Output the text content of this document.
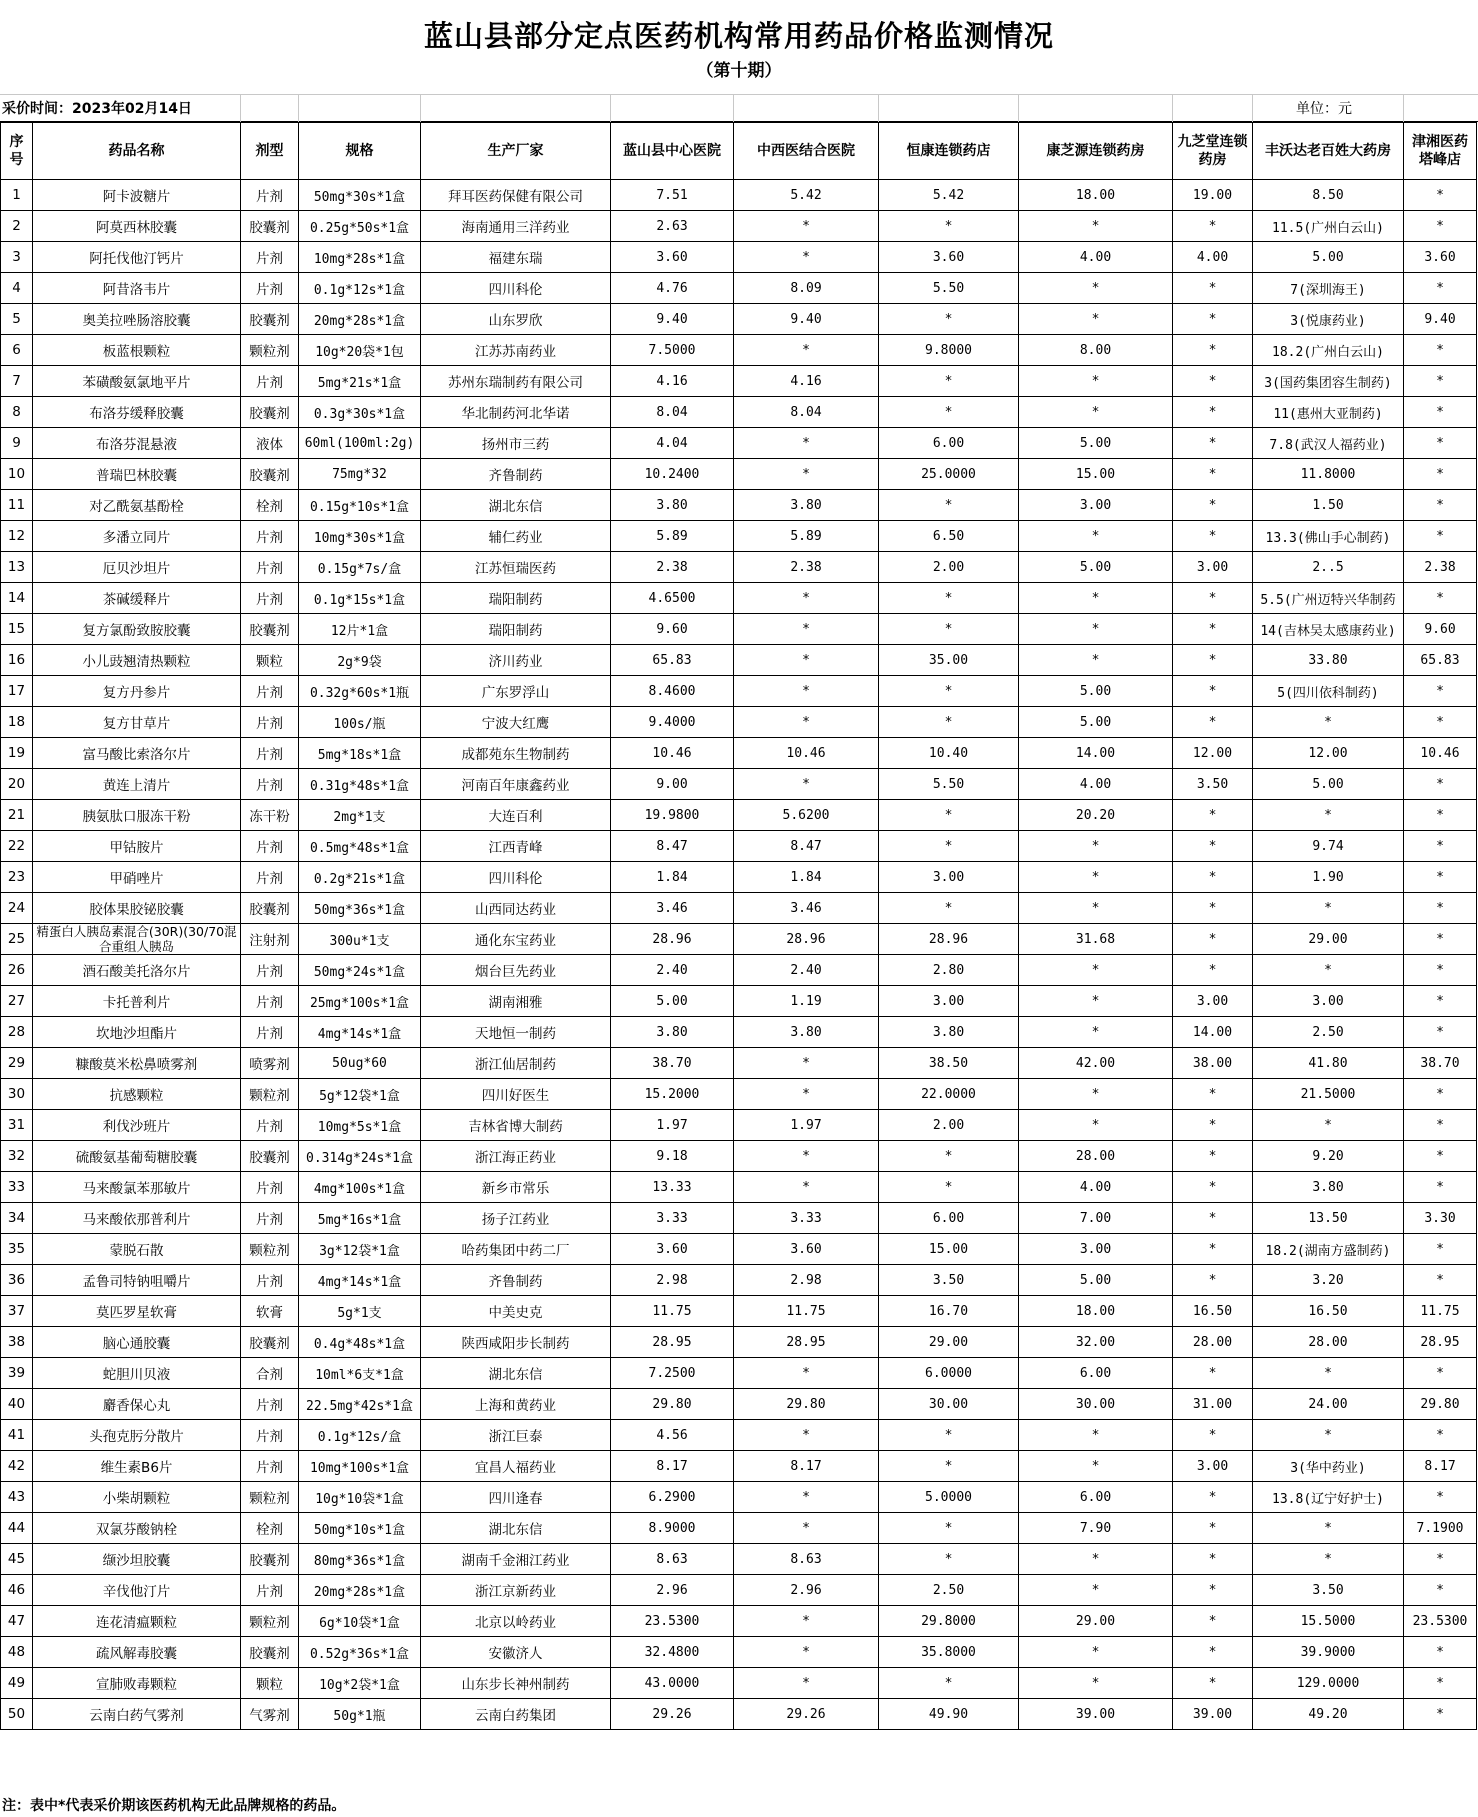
蓝山县部分定点医药机构常用药品价格监测情况
（第十期）
采价时间：2023年02月14日	单位：元
序号	药品名称	剂型	规格	生产厂家	蓝山县中心医院	中西医结合医院	恒康连锁药店	康芝源连锁药房	九芝堂连锁药房	丰沃达老百姓大药房	津湘医药塔峰店
1	阿卡波糖片	片剂	50mg*30s*1盒	拜耳医药保健有限公司	7.51	5.42	5.42	18.00	19.00	8.50	*
2	阿莫西林胶囊	胶囊剂	0.25g*50s*1盒	海南通用三洋药业	2.63	*	*	*	*	11.5(广州白云山)	*
3	阿托伐他汀钙片	片剂	10mg*28s*1盒	福建东瑞	3.60	*	3.60	4.00	4.00	5.00	3.60
4	阿昔洛韦片	片剂	0.1g*12s*1盒	四川科伦	4.76	8.09	5.50	*	*	7(深圳海王)	*
5	奥美拉唑肠溶胶囊	胶囊剂	20mg*28s*1盒	山东罗欣	9.40	9.40	*	*	*	3(悦康药业)	9.40
6	板蓝根颗粒	颗粒剂	10g*20袋*1包	江苏苏南药业	7.5000	*	9.8000	8.00	*	18.2(广州白云山)	*
7	苯磺酸氨氯地平片	片剂	5mg*21s*1盒	苏州东瑞制药有限公司	4.16	4.16	*	*	*	3(国药集团容生制药)	*
8	布洛芬缓释胶囊	胶囊剂	0.3g*30s*1盒	华北制药河北华诺	8.04	8.04	*	*	*	11(惠州大亚制药)	*
9	布洛芬混悬液	液体	60ml(100ml:2g)	扬州市三药	4.04	*	6.00	5.00	*	7.8(武汉人福药业)	*
10	普瑞巴林胶囊	胶囊剂	75mg*32	齐鲁制药	10.2400	*	25.0000	15.00	*	11.8000	*
11	对乙酰氨基酚栓	栓剂	0.15g*10s*1盒	湖北东信	3.80	3.80	*	3.00	*	1.50	*
12	多潘立同片	片剂	10mg*30s*1盒	辅仁药业	5.89	5.89	6.50	*	*	13.3(佛山手心制药)	*
13	厄贝沙坦片	片剂	0.15g*7s/盒	江苏恒瑞医药	2.38	2.38	2.00	5.00	3.00	2..5	2.38
14	茶碱缓释片	片剂	0.1g*15s*1盒	瑞阳制药	4.6500	*	*	*	*	5.5(广州迈特兴华制药	*
15	复方氯酚致胺胶囊	胶囊剂	12片*1盒	瑞阳制药	9.60	*	*	*	*	14(吉林吴太感康药业)	9.60
16	小儿豉翘清热颗粒	颗粒	2g*9袋	济川药业	65.83	*	35.00	*	*	33.80	65.83
17	复方丹参片	片剂	0.32g*60s*1瓶	广东罗浮山	8.4600	*	*	5.00	*	5(四川依科制药)	*
18	复方甘草片	片剂	100s/瓶	宁波大红鹰	9.4000	*	*	5.00	*	*	*
19	富马酸比索洛尔片	片剂	5mg*18s*1盒	成都苑东生物制药	10.46	10.46	10.40	14.00	12.00	12.00	10.46
20	黄连上清片	片剂	0.31g*48s*1盒	河南百年康鑫药业	9.00	*	5.50	4.00	3.50	5.00	*
21	胰氨肽口服冻干粉	冻干粉	2mg*1支	大连百利	19.9800	5.6200	*	20.20	*	*	*
22	甲钴胺片	片剂	0.5mg*48s*1盒	江西青峰	8.47	8.47	*	*	*	9.74	*
23	甲硝唑片	片剂	0.2g*21s*1盒	四川科伦	1.84	1.84	3.00	*	*	1.90	*
24	胶体果胶铋胶囊	胶囊剂	50mg*36s*1盒	山西同达药业	3.46	3.46	*	*	*	*	*
25	精蛋白人胰岛素混合(30R)(30/70混合重组人胰岛	注射剂	300u*1支	通化东宝药业	28.96	28.96	28.96	31.68	*	29.00	*
26	酒石酸美托洛尔片	片剂	50mg*24s*1盒	烟台巨先药业	2.40	2.40	2.80	*	*	*	*
27	卡托普利片	片剂	25mg*100s*1盒	湖南湘雅	5.00	1.19	3.00	*	3.00	3.00	*
28	坎地沙坦酯片	片剂	4mg*14s*1盒	天地恒一制药	3.80	3.80	3.80	*	14.00	2.50	*
29	糠酸莫米松鼻喷雾剂	喷雾剂	50ug*60	浙江仙居制药	38.70	*	38.50	42.00	38.00	41.80	38.70
30	抗感颗粒	颗粒剂	5g*12袋*1盒	四川好医生	15.2000	*	22.0000	*	*	21.5000	*
31	利伐沙班片	片剂	10mg*5s*1盒	吉林省博大制药	1.97	1.97	2.00	*	*	*	*
32	硫酸氨基葡萄糖胶囊	胶囊剂	0.314g*24s*1盒	浙江海正药业	9.18	*	*	28.00	*	9.20	*
33	马来酸氯苯那敏片	片剂	4mg*100s*1盒	新乡市常乐	13.33	*	*	4.00	*	3.80	*
34	马来酸依那普利片	片剂	5mg*16s*1盒	扬子江药业	3.33	3.33	6.00	7.00	*	13.50	3.30
35	蒙脱石散	颗粒剂	3g*12袋*1盒	哈药集团中药二厂	3.60	3.60	15.00	3.00	*	18.2(湖南方盛制药)	*
36	孟鲁司特钠咀嚼片	片剂	4mg*14s*1盒	齐鲁制药	2.98	2.98	3.50	5.00	*	3.20	*
37	莫匹罗星软膏	软膏	5g*1支	中美史克	11.75	11.75	16.70	18.00	16.50	16.50	11.75
38	脑心通胶囊	胶囊剂	0.4g*48s*1盒	陕西咸阳步长制药	28.95	28.95	29.00	32.00	28.00	28.00	28.95
39	蛇胆川贝液	合剂	10ml*6支*1盒	湖北东信	7.2500	*	6.0000	6.00	*	*	*
40	麝香保心丸	片剂	22.5mg*42s*1盒	上海和黄药业	29.80	29.80	30.00	30.00	31.00	24.00	29.80
41	头孢克肟分散片	片剂	0.1g*12s/盒	浙江巨泰	4.56	*	*	*	*	*	*
42	维生素B6片	片剂	10mg*100s*1盒	宜昌人福药业	8.17	8.17	*	*	3.00	3(华中药业)	8.17
43	小柴胡颗粒	颗粒剂	10g*10袋*1盒	四川逢春	6.2900	*	5.0000	6.00	*	13.8(辽宁好护士)	*
44	双氯芬酸钠栓	栓剂	50mg*10s*1盒	湖北东信	8.9000	*	*	7.90	*	*	7.1900
45	缬沙坦胶囊	胶囊剂	80mg*36s*1盒	湖南千金湘江药业	8.63	8.63	*	*	*	*	*
46	辛伐他汀片	片剂	20mg*28s*1盒	浙江京新药业	2.96	2.96	2.50	*	*	3.50	*
47	连花清瘟颗粒	颗粒剂	6g*10袋*1盒	北京以岭药业	23.5300	*	29.8000	29.00	*	15.5000	23.5300
48	疏风解毒胶囊	胶囊剂	0.52g*36s*1盒	安徽济人	32.4800	*	35.8000	*	*	39.9000	*
49	宣肺败毒颗粒	颗粒	10g*2袋*1盒	山东步长神州制药	43.0000	*	*	*	*	129.0000	*
50	云南白药气雾剂	气雾剂	50g*1瓶	云南白药集团	29.26	29.26	49.90	39.00	39.00	49.20	*
注：表中*代表采价期该医药机构无此品牌规格的药品。
